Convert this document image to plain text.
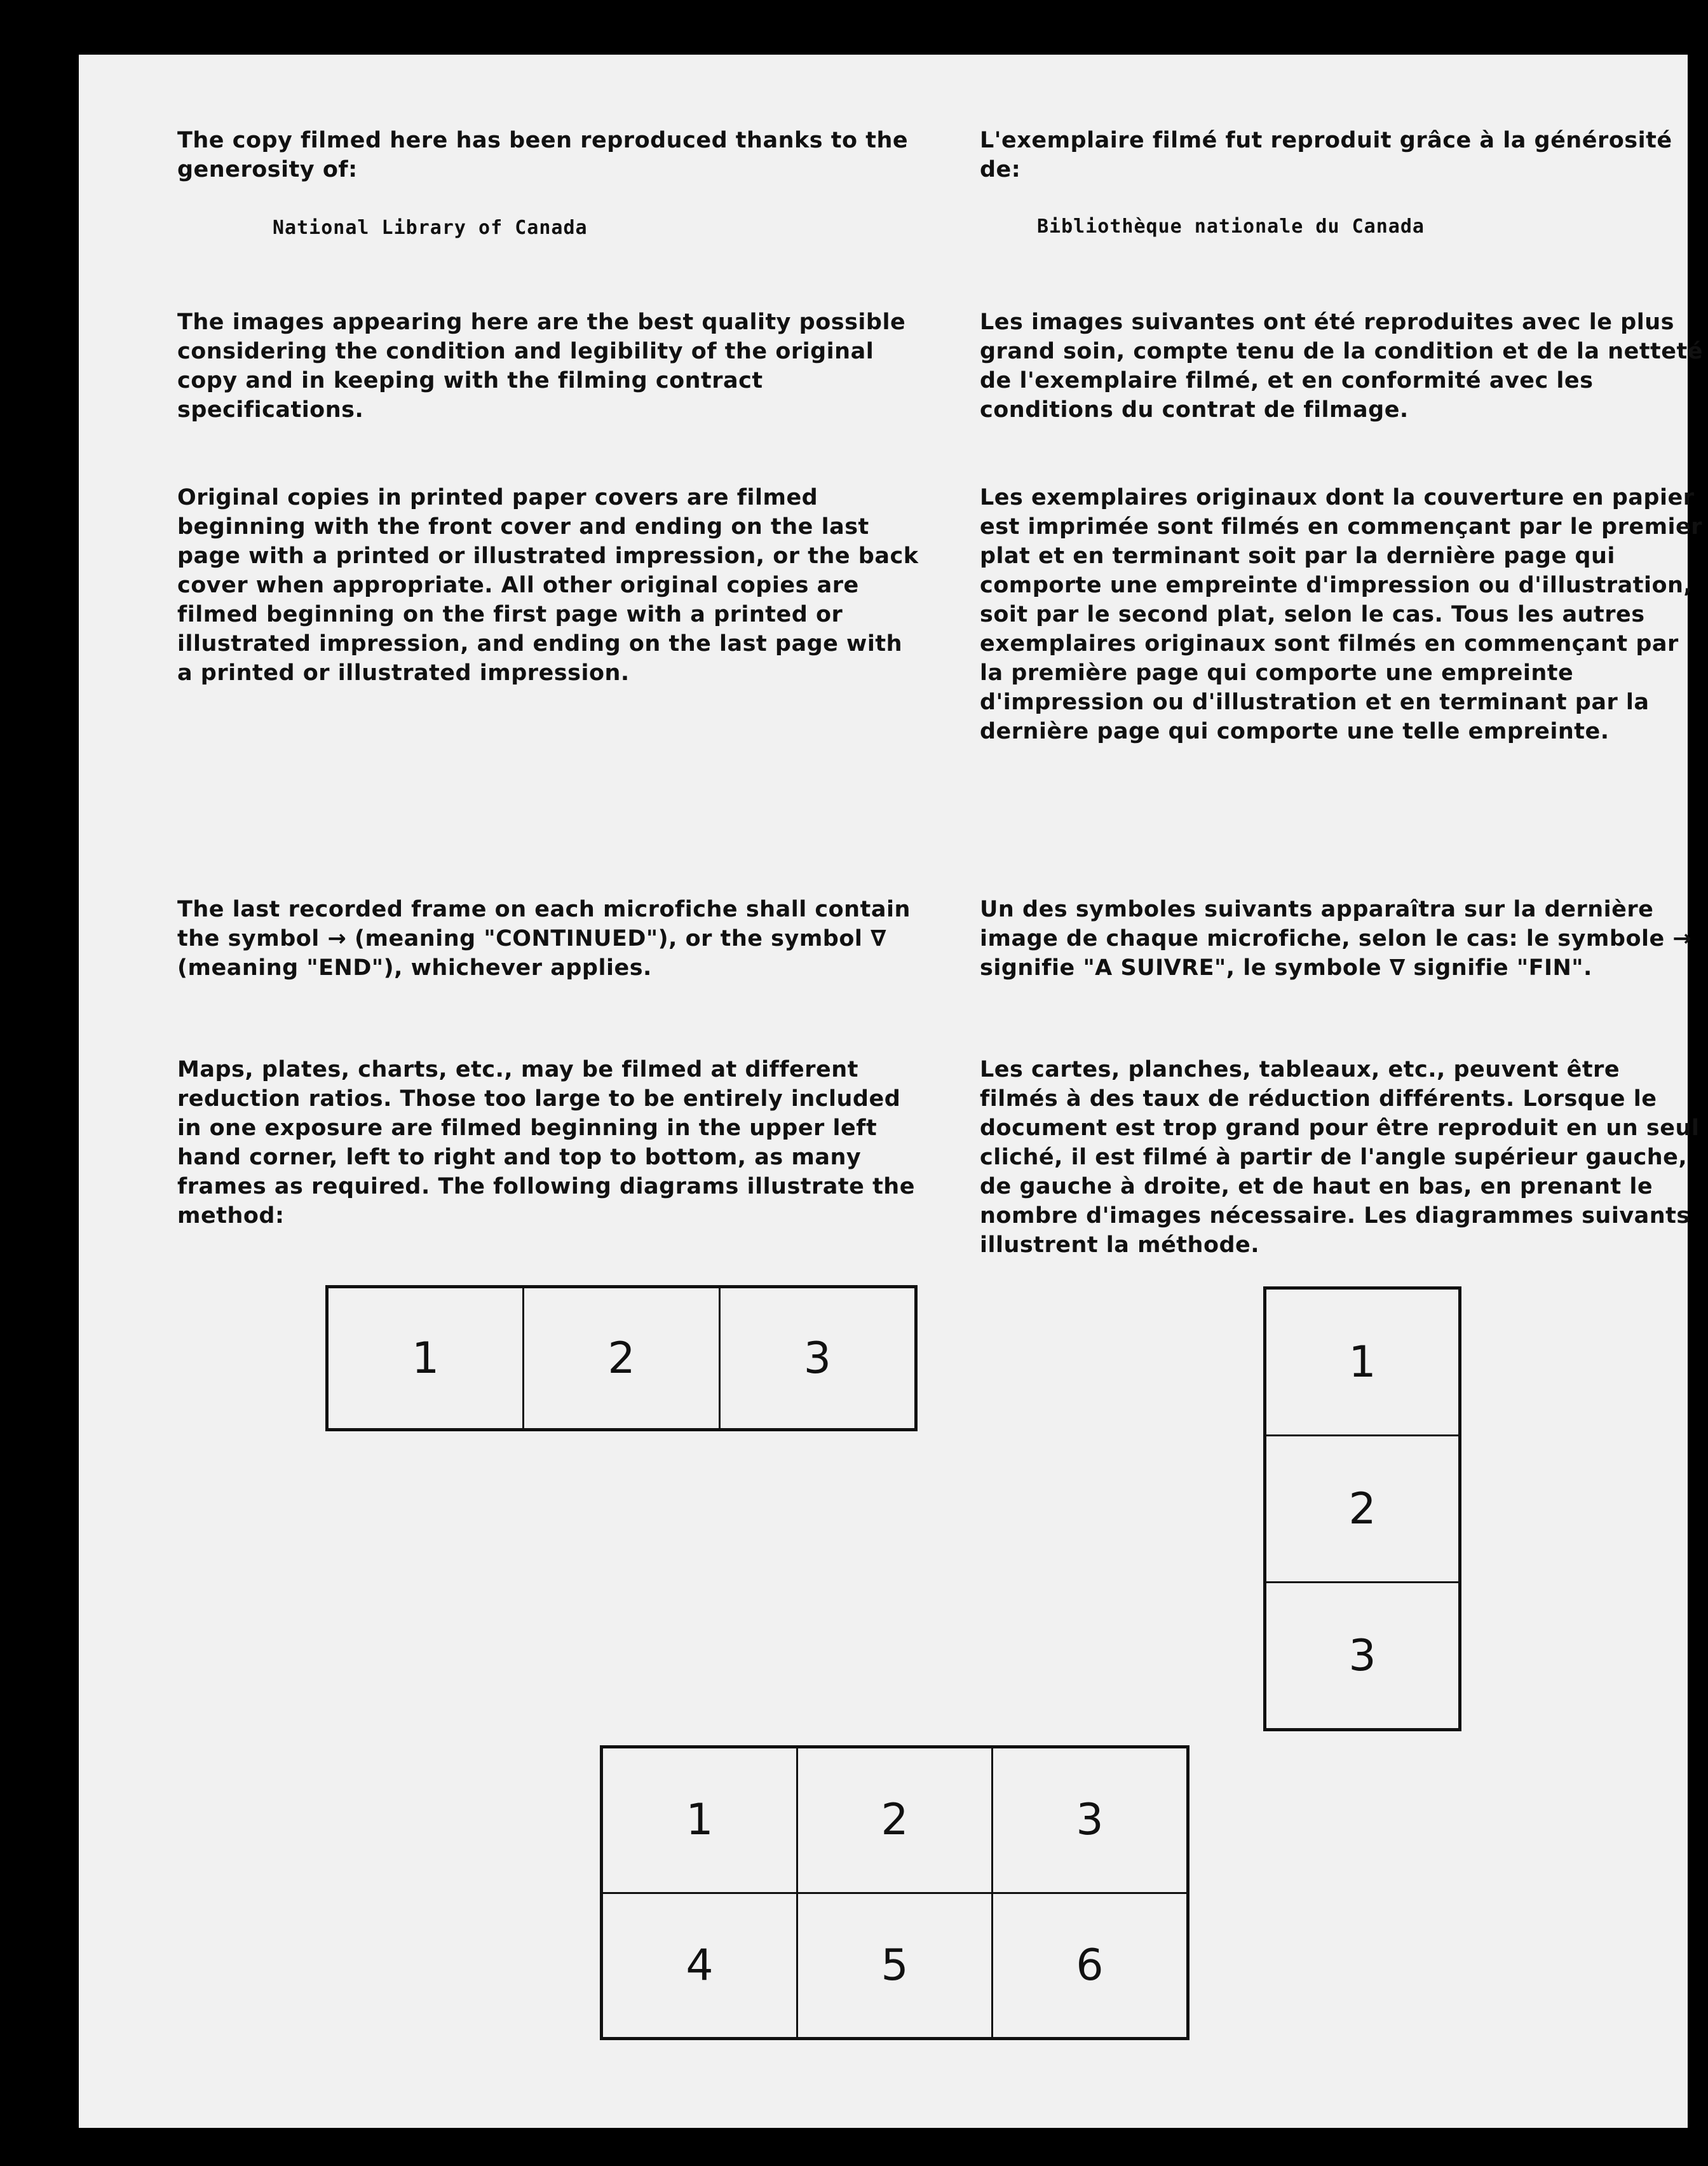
The copy filmed here has been reproduced thanks to the generosity of:

National Library of Canada

The images appearing here are the best quality possible considering the condition and legibility of the original copy and in keeping with the filming contract specifications.

Original copies in printed paper covers are filmed beginning with the front cover and ending on the last page with a printed or illustrated impression, or the back cover when appropriate. All other original copies are filmed beginning on the first page with a printed or illustrated impression, and ending on the last page with a printed or illustrated impression.

The last recorded frame on each microfiche shall contain the symbol → (meaning "CONTINUED"), or the symbol ∇ (meaning "END"), whichever applies.

Maps, plates, charts, etc., may be filmed at different reduction ratios. Those too large to be entirely included in one exposure are filmed beginning in the upper left hand corner, left to right and top to bottom, as many frames as required. The following diagrams illustrate the method:

L'exemplaire filmé fut reproduit grâce à la générosité de:

Bibliothèque nationale du Canada

Les images suivantes ont été reproduites avec le plus grand soin, compte tenu de la condition et de la netteté de l'exemplaire filmé, et en conformité avec les conditions du contrat de filmage.

Les exemplaires originaux dont la couverture en papier est imprimée sont filmés en commençant par le premier plat et en terminant soit par la dernière page qui comporte une empreinte d'impression ou d'illustration, soit par le second plat, selon le cas. Tous les autres exemplaires originaux sont filmés en commençant par la première page qui comporte une empreinte d'impression ou d'illustration et en terminant par la dernière page qui comporte une telle empreinte.

Un des symboles suivants apparaîtra sur la dernière image de chaque microfiche, selon le cas: le symbole → signifie "A SUIVRE", le symbole ∇ signifie "FIN".

Les cartes, planches, tableaux, etc., peuvent être filmés à des taux de réduction différents. Lorsque le document est trop grand pour être reproduit en un seul cliché, il est filmé à partir de l'angle supérieur gauche, de gauche à droite, et de haut en bas, en prenant le nombre d'images nécessaire. Les diagrammes suivants illustrent la méthode.

1	2	3	1
2
3
1	2	3
4	5	6
